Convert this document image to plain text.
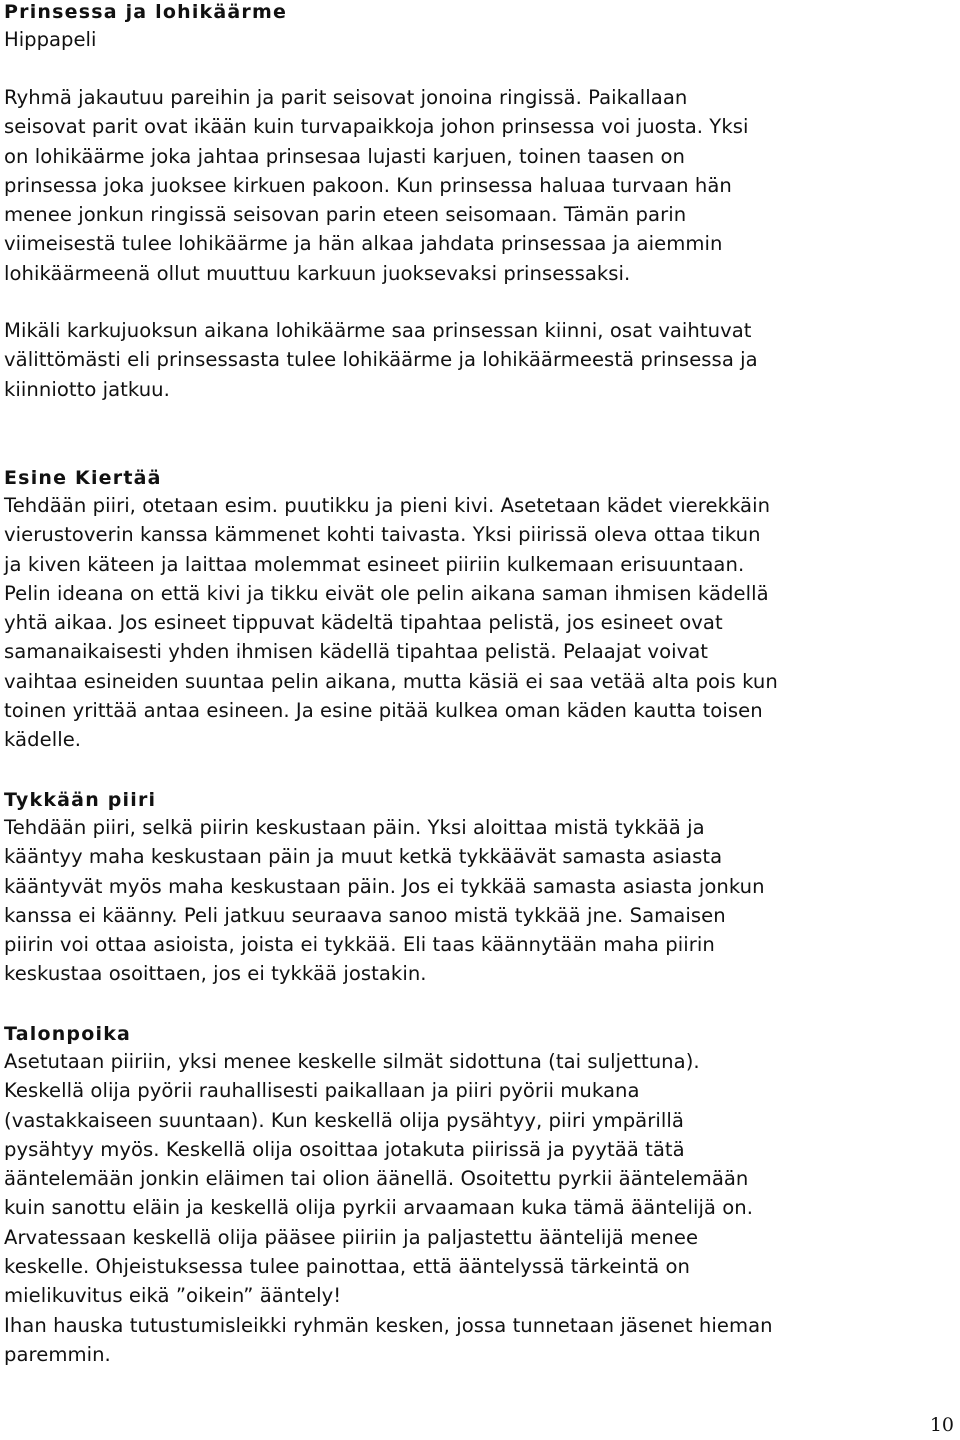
Prinsessa ja lohikäärme
Hippapeli
Ryhmä jakautuu pareihin ja parit seisovat jonoina ringissä. Paikallaan
seisovat parit ovat ikään kuin turvapaikkoja johon prinsessa voi juosta. Yksi
on lohikäärme joka jahtaa prinsesaa lujasti karjuen, toinen taasen on
prinsessa joka juoksee kirkuen pakoon. Kun prinsessa haluaa turvaan hän
menee jonkun ringissä seisovan parin eteen seisomaan. Tämän parin
viimeisestä tulee lohikäärme ja hän alkaa jahdata prinsessaa ja aiemmin
lohikäärmeenä ollut muuttuu karkuun juoksevaksi prinsessaksi.
Mikäli karkujuoksun aikana lohikäärme saa prinsessan kiinni, osat vaihtuvat
välittömästi eli prinsessasta tulee lohikäärme ja lohikäärmeestä prinsessa ja
kiinniotto jatkuu.
Esine Kiertää
Tehdään piiri, otetaan esim. puutikku ja pieni kivi. Asetetaan kädet vierekkäin
vierustoverin kanssa kämmenet kohti taivasta. Yksi piirissä oleva ottaa tikun
ja kiven käteen ja laittaa molemmat esineet piiriin kulkemaan erisuuntaan.
Pelin ideana on että kivi ja tikku eivät ole pelin aikana saman ihmisen kädellä
yhtä aikaa. Jos esineet tippuvat kädeltä tipahtaa pelistä, jos esineet ovat
samanaikaisesti yhden ihmisen kädellä tipahtaa pelistä. Pelaajat voivat
vaihtaa esineiden suuntaa pelin aikana, mutta käsiä ei saa vetää alta pois kun
toinen yrittää antaa esineen. Ja esine pitää kulkea oman käden kautta toisen
kädelle.
Tykkään piiri
Tehdään piiri, selkä piirin keskustaan päin. Yksi aloittaa mistä tykkää ja
kääntyy maha keskustaan päin ja muut ketkä tykkäävät samasta asiasta
kääntyvät myös maha keskustaan päin. Jos ei tykkää samasta asiasta jonkun
kanssa ei käänny. Peli jatkuu seuraava sanoo mistä tykkää jne. Samaisen
piirin voi ottaa asioista, joista ei tykkää. Eli taas käännytään maha piirin
keskustaa osoittaen, jos ei tykkää jostakin.
Talonpoika
Asetutaan piiriin, yksi menee keskelle silmät sidottuna (tai suljettuna).
Keskellä olija pyörii rauhallisesti paikallaan ja piiri pyörii mukana
(vastakkaiseen suuntaan). Kun keskellä olija pysähtyy, piiri ympärillä
pysähtyy myös. Keskellä olija osoittaa jotakuta piirissä ja pyytää tätä
ääntelemään jonkin eläimen tai olion äänellä. Osoitettu pyrkii ääntelemään
kuin sanottu eläin ja keskellä olija pyrkii arvaamaan kuka tämä ääntelijä on.
Arvatessaan keskellä olija pääsee piiriin ja paljastettu ääntelijä menee
keskelle. Ohjeistuksessa tulee painottaa, että ääntelyssä tärkeintä on
mielikuvitus eikä ”oikein” ääntely!
Ihan hauska tutustumisleikki ryhmän kesken, jossa tunnetaan jäsenet hieman
paremmin.
10
